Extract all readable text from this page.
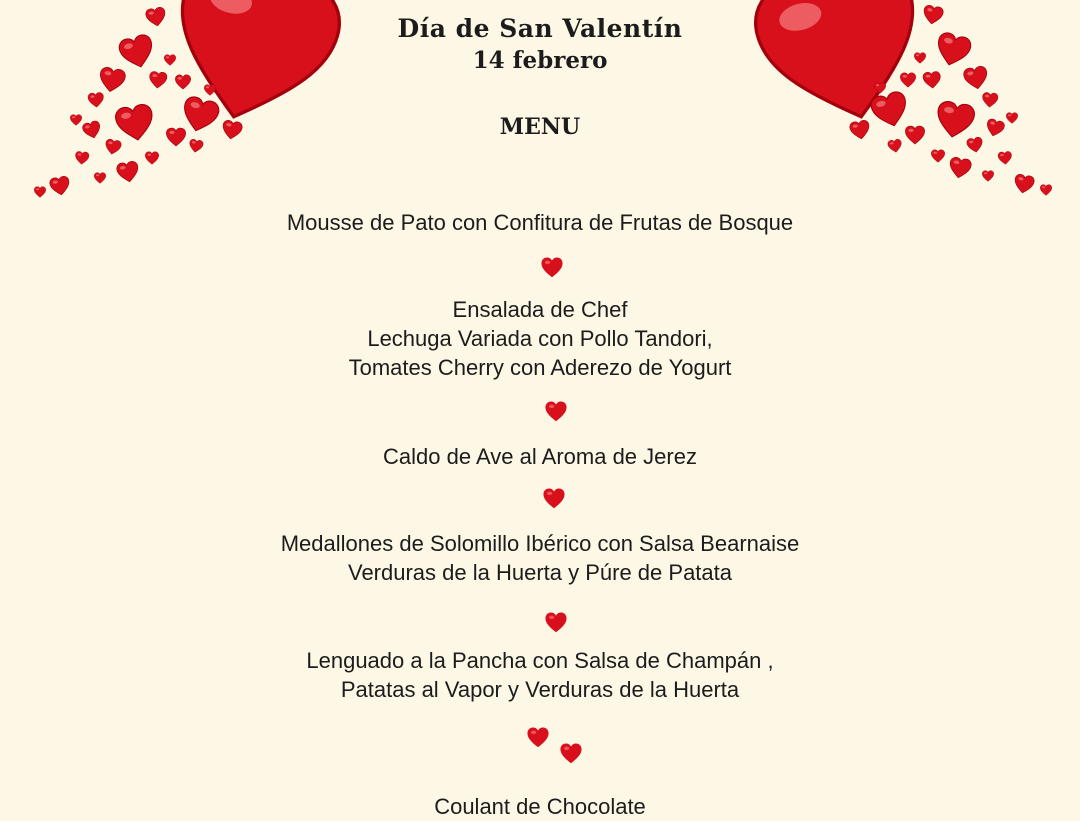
Día de San Valentín
14 febrero
MENU
Mousse de Pato con Confitura de Frutas de Bosque
Ensalada de Chef
Lechuga Variada con Pollo Tandori,
Tomates Cherry con Aderezo de Yogurt
Caldo de Ave al Aroma de Jerez
Medallones de Solomillo Ibérico con Salsa Bearnaise
Verduras de la Huerta y Púre de Patata
Lenguado a la Pancha con Salsa de Champán ,
Patatas al Vapor y Verduras de la Huerta
Coulant de Chocolate
